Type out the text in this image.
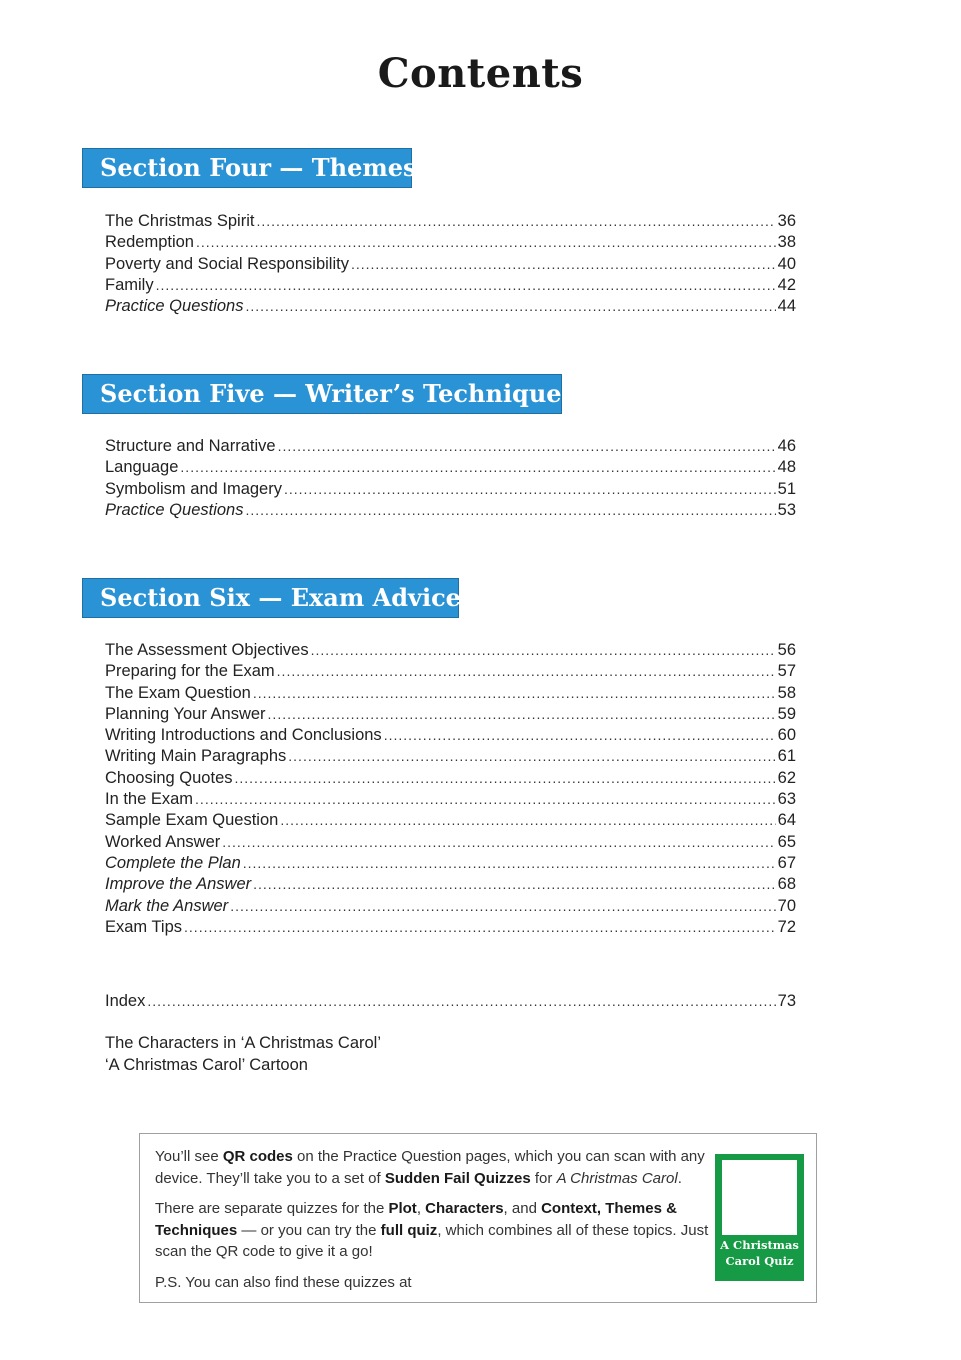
Contents
Section Four — Themes
The Christmas Spirit .....	36
Redemption .....	38
Poverty and Social Responsibility .....	40
Family .....	42
Practice Questions .....	44
Section Five — Writer’s Techniques
Structure and Narrative .....	46
Language .....	48
Symbolism and Imagery .....	51
Practice Questions .....	53
Section Six — Exam Advice
The Assessment Objectives .....	56
Preparing for the Exam .....	57
The Exam Question .....	58
Planning Your Answer .....	59
Writing Introductions and Conclusions .....	60
Writing Main Paragraphs .....	61
Choosing Quotes .....	62
In the Exam .....	63
Sample Exam Question .....	64
Worked Answer .....	65
Complete the Plan .....	67
Improve the Answer .....	68
Mark the Answer .....	70
Exam Tips .....	72
Index .....	73
The Characters in ‘A Christmas Carol’
‘A Christmas Carol’ Cartoon

You’ll see QR codes on the Practice Question pages, which you can scan with any device. They’ll take you to a set of Sudden Fail Quizzes for A Christmas Carol.

There are separate quizzes for the Plot, Characters, and Context, Themes & Techniques — or you can try the full quiz, which combines all of these topics. Just scan the QR code to give it a go!

P.S. You can also find these quizzes at

A Christmas Carol Quiz
